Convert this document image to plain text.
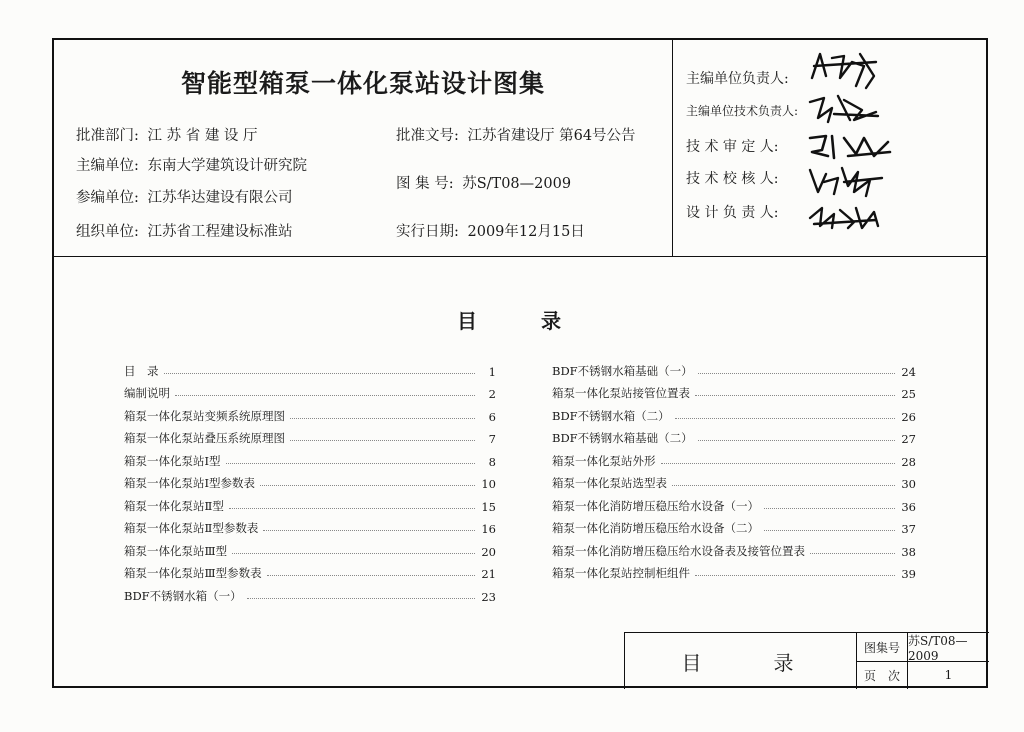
智能型箱泵一体化泵站设计图集
批准部门: 江 苏 省 建 设 厅
主编单位: 东南大学建筑设计研究院
参编单位: 江苏华达建设有限公司
组织单位: 江苏省工程建设标准站
批准文号: 江苏省建设厅 第64号公告
图 集 号: 苏S/T08—2009
实行日期: 2009年12月15日
主编单位负责人:
主编单位技术负责人:
技 术 审 定 人:
技 术 校 核 人:
设 计 负 责 人:
目　录
目　录	1
编制说明	2
箱泵一体化泵站变频系统原理图	6
箱泵一体化泵站叠压系统原理图	7
箱泵一体化泵站Ⅰ型	8
箱泵一体化泵站Ⅰ型参数表	10
箱泵一体化泵站Ⅱ型	15
箱泵一体化泵站Ⅱ型参数表	16
箱泵一体化泵站Ⅲ型	20
箱泵一体化泵站Ⅲ型参数表	21
BDF不锈钢水箱（一）	23
BDF不锈钢水箱基础（一）	24
箱泵一体化泵站接管位置表	25
BDF不锈钢水箱（二）	26
BDF不锈钢水箱基础（二）	27
箱泵一体化泵站外形	28
箱泵一体化泵站选型表	30
箱泵一体化消防增压稳压给水设备（一）	36
箱泵一体化消防增压稳压给水设备（二）	37
箱泵一体化消防增压稳压给水设备表及接管位置表	38
箱泵一体化泵站控制柜组件	39
目　录
图集号 苏S/T08—2009
页　次	1
